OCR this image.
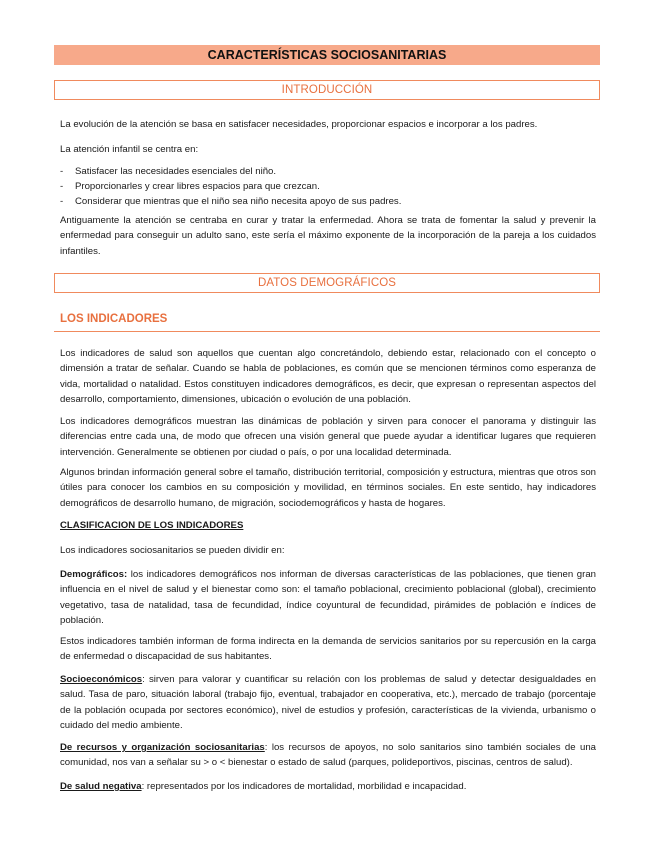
CARACTERÍSTICAS SOCIOSANITARIAS
INTRODUCCIÓN
La evolución de la atención se basa en satisfacer necesidades, proporcionar espacios e incorporar a los padres.
La atención infantil se centra en:
- Satisfacer las necesidades esenciales del niño.
- Proporcionarles y crear libres espacios para que crezcan.
- Considerar que mientras que el niño sea niño necesita apoyo de sus padres.
Antiguamente la atención se centraba en curar y tratar la enfermedad. Ahora se trata de fomentar la salud y prevenir la enfermedad para conseguir un adulto sano, este sería el máximo exponente de la incorporación de la pareja a los cuidados infantiles.
DATOS DEMOGRÁFICOS
LOS INDICADORES
Los indicadores de salud son aquellos que cuentan algo concretándolo, debiendo estar, relacionado con el concepto o dimensión a tratar de señalar. Cuando se habla de poblaciones, es común que se mencionen términos como esperanza de vida, mortalidad o natalidad. Estos constituyen indicadores demográficos, es decir, que expresan o representan aspectos del desarrollo, comportamiento, dimensiones, ubicación o evolución de una población.
Los indicadores demográficos muestran las dinámicas de población y sirven para conocer el panorama y distinguir las diferencias entre cada una, de modo que ofrecen una visión general que puede ayudar a identificar lugares que requieren intervención. Generalmente se obtienen por ciudad o país, o por una localidad determinada.
Algunos brindan información general sobre el tamaño, distribución territorial, composición y estructura, mientras que otros son útiles para conocer los cambios en su composición y movilidad, en términos sociales. En este sentido, hay indicadores demográficos de desarrollo humano, de migración, sociodemográficos y hasta de hogares.
CLASIFICACION DE LOS INDICADORES
Los indicadores sociosanitarios se pueden dividir en:
Demográficos: los indicadores demográficos nos informan de diversas características de las poblaciones, que tienen gran influencia en el nivel de salud y el bienestar como son: el tamaño poblacional, crecimiento poblacional (global), crecimiento vegetativo, tasa de natalidad, tasa de fecundidad, índice coyuntural de fecundidad, pirámides de población e índices de población.
Estos indicadores también informan de forma indirecta en la demanda de servicios sanitarios por su repercusión en la carga de enfermedad o discapacidad de sus habitantes.
Socioeconómicos: sirven para valorar y cuantificar su relación con los problemas de salud y detectar desigualdades en salud. Tasa de paro, situación laboral (trabajo fijo, eventual, trabajador en cooperativa, etc.), mercado de trabajo (porcentaje de la población ocupada por sectores económico), nivel de estudios y profesión, características de la vivienda, urbanismo o cuidado del medio ambiente.
De recursos y organización sociosanitarias: los recursos de apoyos, no solo sanitarios sino también sociales de una comunidad, nos van a señalar su > o < bienestar o estado de salud (parques, polideportivos, piscinas, centros de salud).
De salud negativa: representados por los indicadores de mortalidad, morbilidad e incapacidad.
